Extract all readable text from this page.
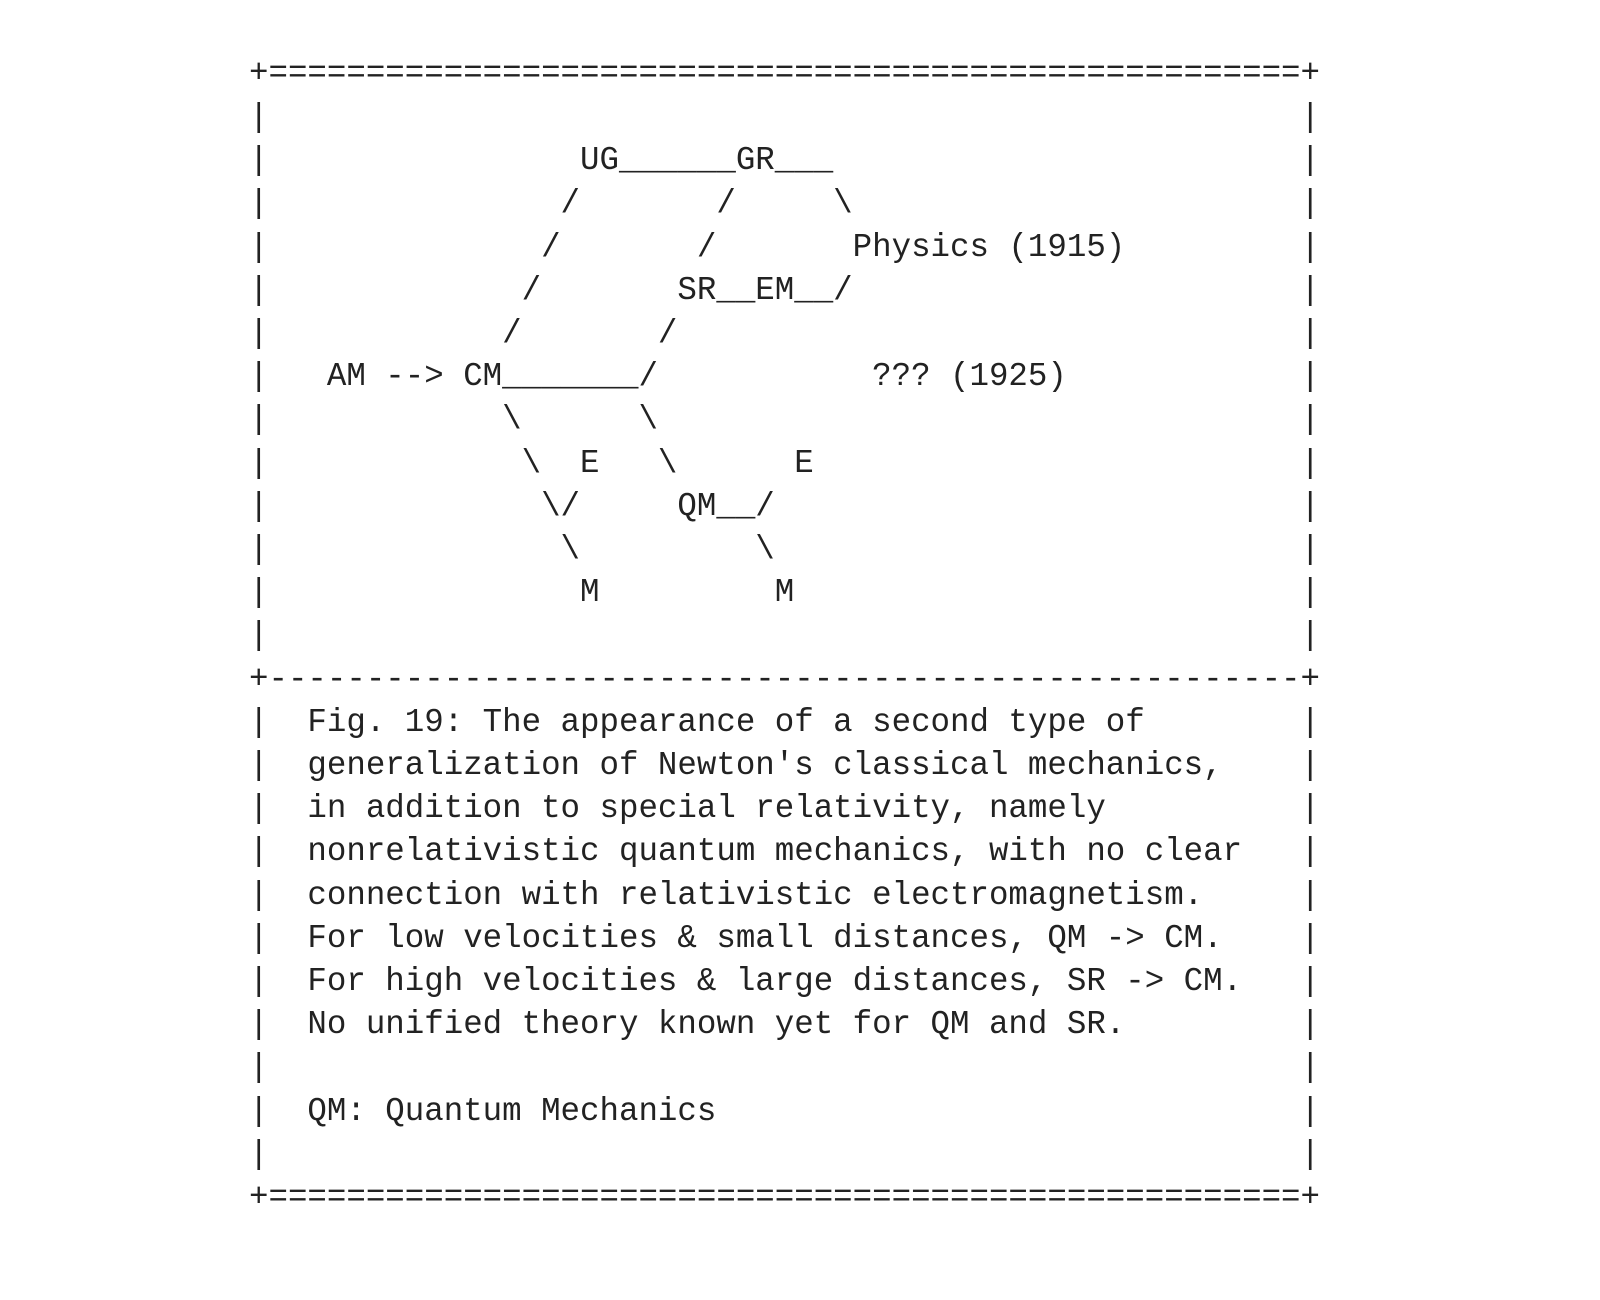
+=====================================================+
|                                                     |
|                UG______GR___                        |
|               /       /     \                       |
|              /       /       Physics (1915)         |
|             /       SR__EM__/                       |
|            /       /                                |
|   AM --> CM_______/           ??? (1925)            |
|            \      \                                 |
|             \  E   \      E                         |
|              \/     QM__/                           |
|               \         \                           |
|                M         M                          |
|                                                     |
+-----------------------------------------------------+
|  Fig. 19: The appearance of a second type of        |
|  generalization of Newton's classical mechanics,    |
|  in addition to special relativity, namely          |
|  nonrelativistic quantum mechanics, with no clear   |
|  connection with relativistic electromagnetism.     |
|  For low velocities & small distances, QM -> CM.    |
|  For high velocities & large distances, SR -> CM.   |
|  No unified theory known yet for QM and SR.         |
|                                                     |
|  QM: Quantum Mechanics                              |
|                                                     |
+=====================================================+
